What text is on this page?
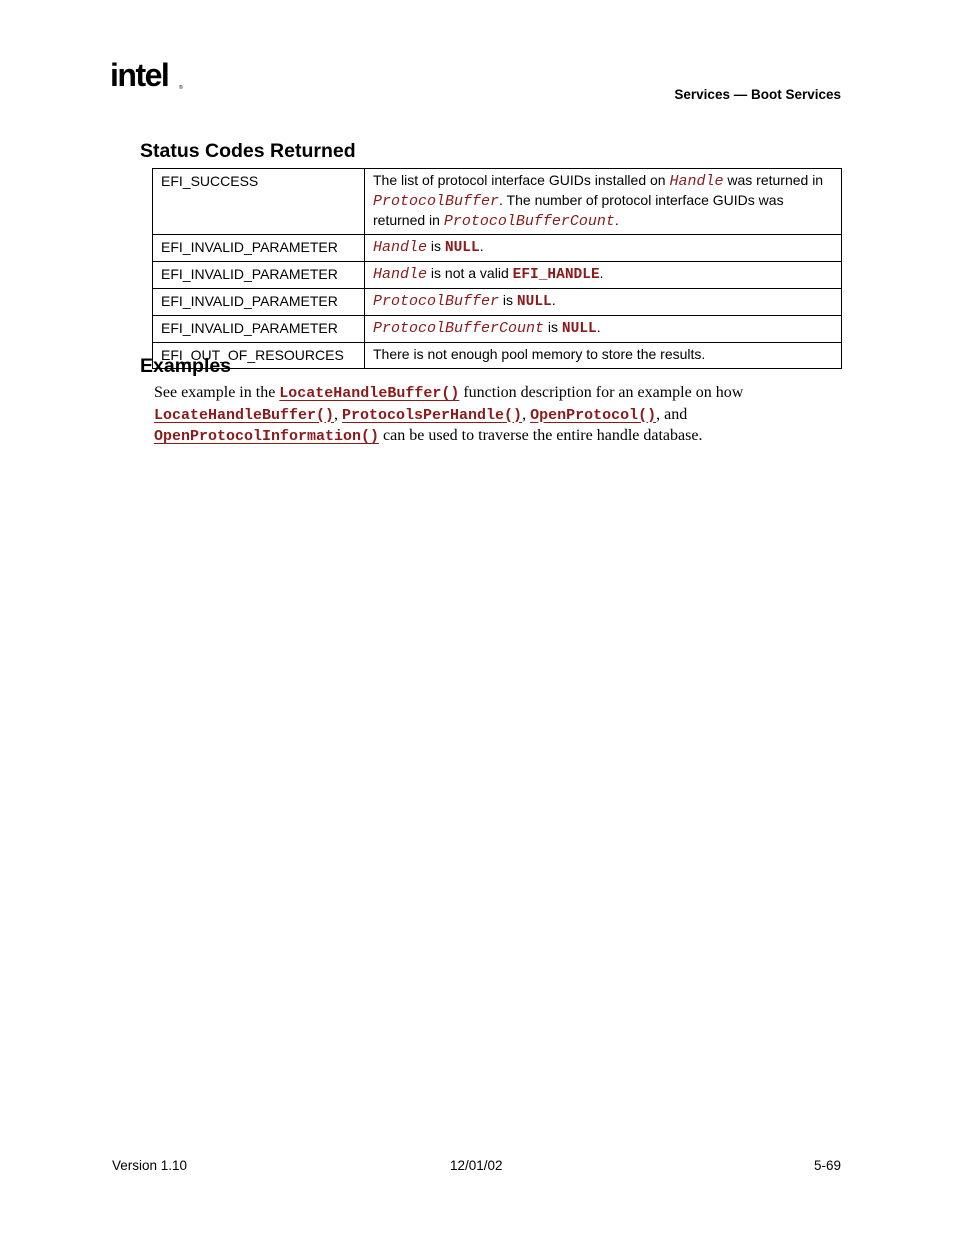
intel ®	Services — Boot Services
Status Codes Returned
EFI_SUCCESS	The list of protocol interface GUIDs installed on Handle was returned in ProtocolBuffer. The number of protocol interface GUIDs was returned in ProtocolBufferCount.
EFI_INVALID_PARAMETER	Handle is NULL.
EFI_INVALID_PARAMETER	Handle is not a valid EFI_HANDLE.
EFI_INVALID_PARAMETER	ProtocolBuffer is NULL.
EFI_INVALID_PARAMETER	ProtocolBufferCount is NULL.
EFI_OUT_OF_RESOURCES	There is not enough pool memory to store the results.
Examples
See example in the LocateHandleBuffer() function description for an example on how LocateHandleBuffer(), ProtocolsPerHandle(), OpenProtocol(), and OpenProtocolInformation() can be used to traverse the entire handle database.
Version 1.10	12/01/02	5-69
